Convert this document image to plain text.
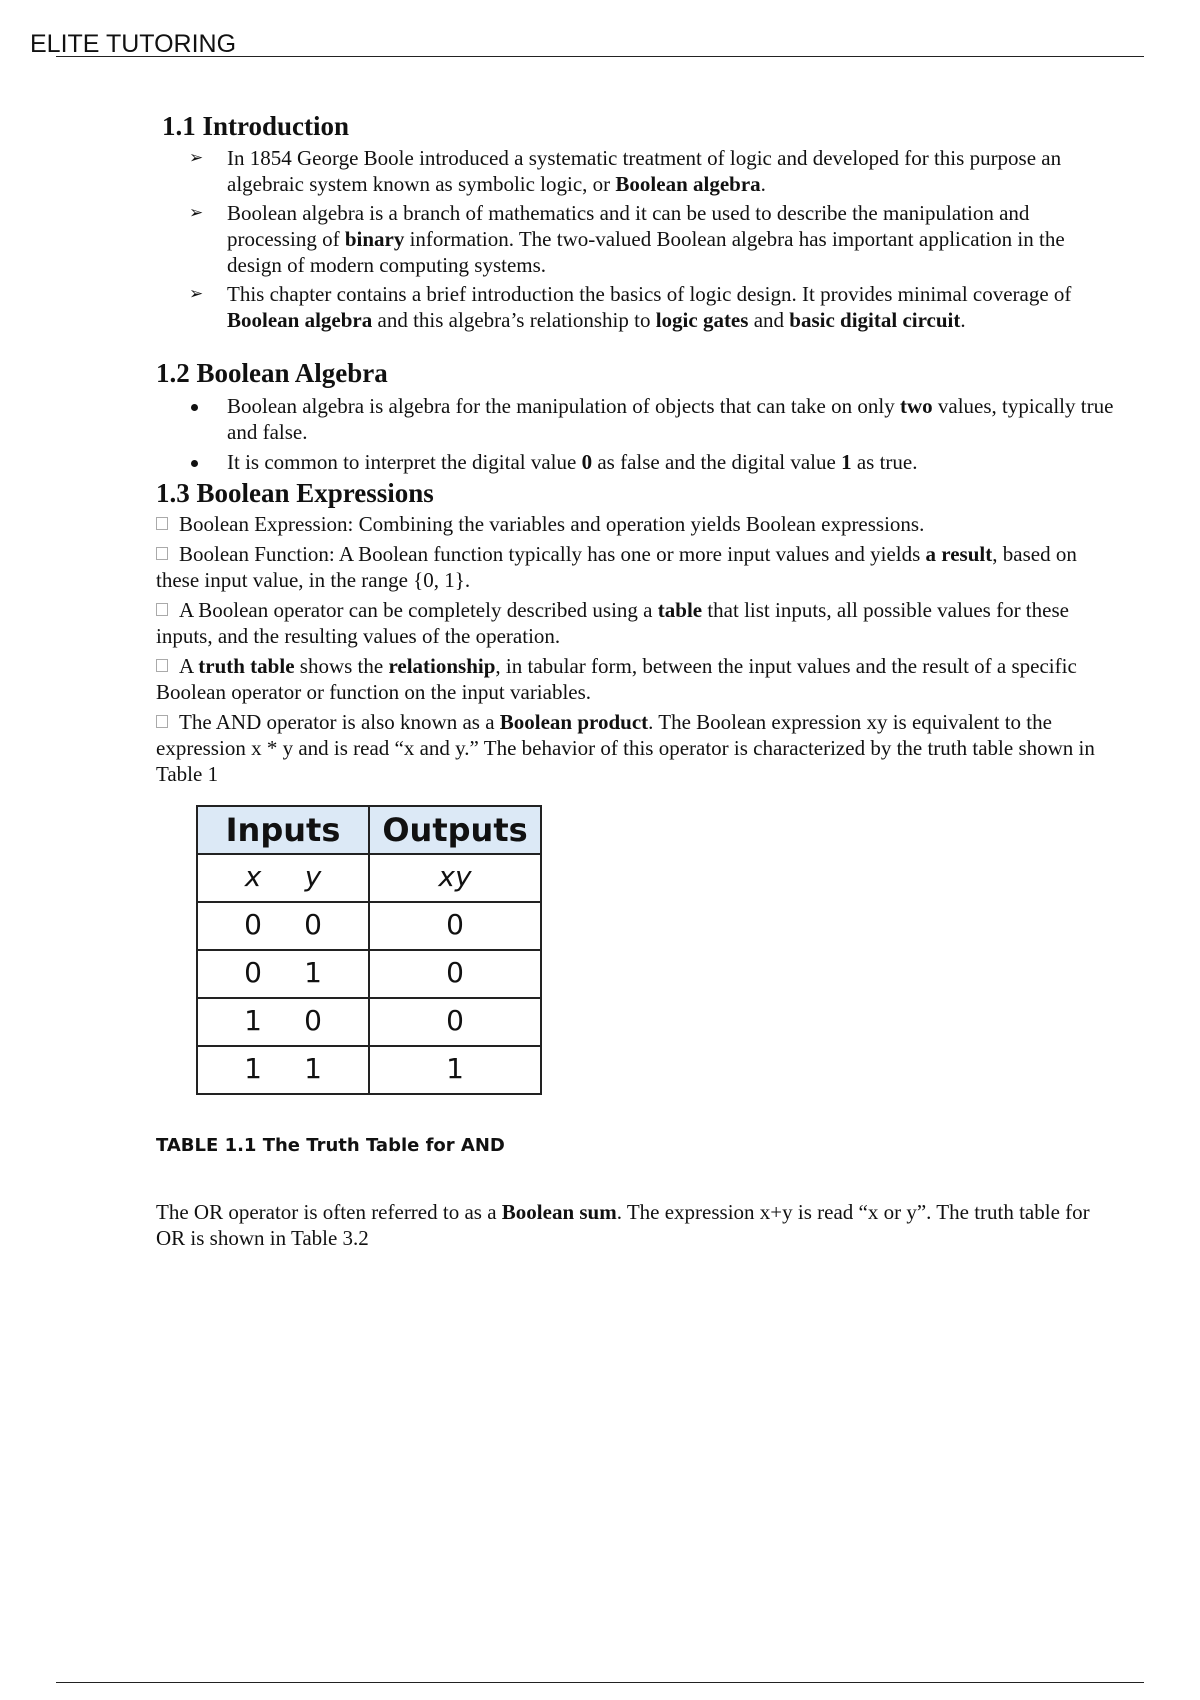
ELITE TUTORING
1.1 Introduction
➢ In 1854 George Boole introduced a systematic treatment of logic and developed for this purpose an algebraic system known as symbolic logic, or Boolean algebra.
➢ Boolean algebra is a branch of mathematics and it can be used to describe the manipulation and processing of binary information. The two-valued Boolean algebra has important application in the design of modern computing systems.
➢ This chapter contains a brief introduction the basics of logic design. It provides minimal coverage of Boolean algebra and this algebra’s relationship to logic gates and basic digital circuit.
1.2 Boolean Algebra
Boolean algebra is algebra for the manipulation of objects that can take on only two values, typically true and false.
It is common to interpret the digital value 0 as false and the digital value 1 as true.
1.3 Boolean Expressions

Boolean Expression: Combining the variables and operation yields Boolean expressions.

Boolean Function: A Boolean function typically has one or more input values and yields a result, based on these input value, in the range {0, 1}.

A Boolean operator can be completely described using a table that list inputs, all possible values for these inputs, and the resulting values of the operation.

A truth table shows the relationship, in tabular form, between the input values and the result of a specific Boolean operator or function on the input variables.

The AND operator is also known as a Boolean product. The Boolean expression xy is equivalent to the expression x * y and is read “x and y.” The behavior of this operator is characterized by the truth table shown in Table 1

Inputs	Outputs
x y	xy
0 0	0
0 1	0
1 0	0
1 1	1
TABLE 1.1 The Truth Table for AND

The OR operator is often referred to as a Boolean sum. The expression x+y is read “x or y”. The truth table for OR is shown in Table 3.2
